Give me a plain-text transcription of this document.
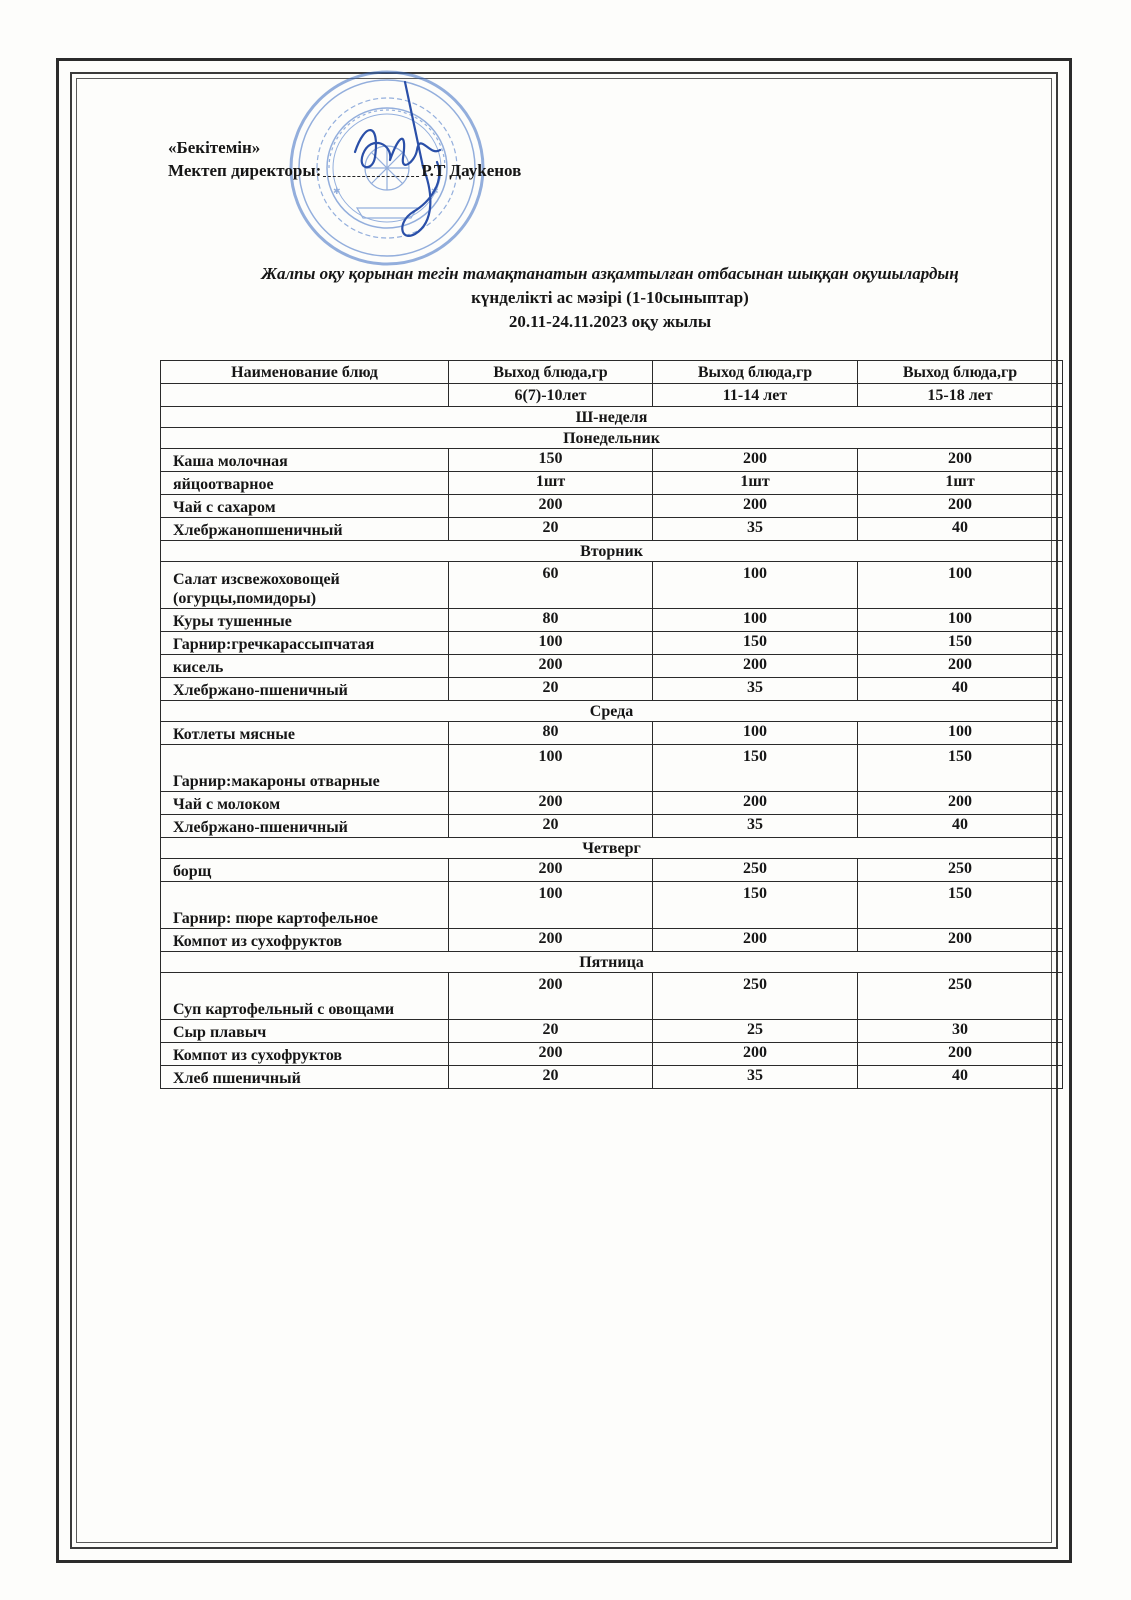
✱	✱
«Бекітемін»
Мектеп директоры:	Р.Т Дауkенов
Жалпы оқу қорынан тегін тамақтанатын азқамтылған отбасынан шыққан оқушылардың
күнделікті ас мәзірі (1-10сыныптар)
20.11-24.11.2023 оқу жылы
Наименование блюд	Выход блюда,гр	Выход блюда,гр	Выход блюда,гр
	6(7)-10лет	11-14 лет	15-18 лет
Ш-неделя			
Понедельник			
Каша молочная	150	200	200
яйцоотварное	1шт	1шт	1шт
Чай с сахаром	200	200	200
Хлебржанопшеничный	20	35	40
Вторник			
Салат изсвежоховощей (огурцы,помидоры)	60	100	100
Куры тушенные	80	100	100
Гарнир:гречкарассыпчатая	100	150	150
кисель	200	200	200
Хлебржано-пшеничный	20	35	40
Среда			
Котлеты мясные	80	100	100
Гарнир:макароны отварные	100	150	150
Чай с молоком	200	200	200
Хлебржано-пшеничный	20	35	40
Четверг			
борщ	200	250	250
Гарнир: пюре картофельное	100	150	150
Компот из сухофруктов	200	200	200
Пятница			
Суп картофельный с овощами	200	250	250
Сыр плавыч	20	25	30
Компот из сухофруктов	200	200	200
Хлеб пшеничный	20	35	40
